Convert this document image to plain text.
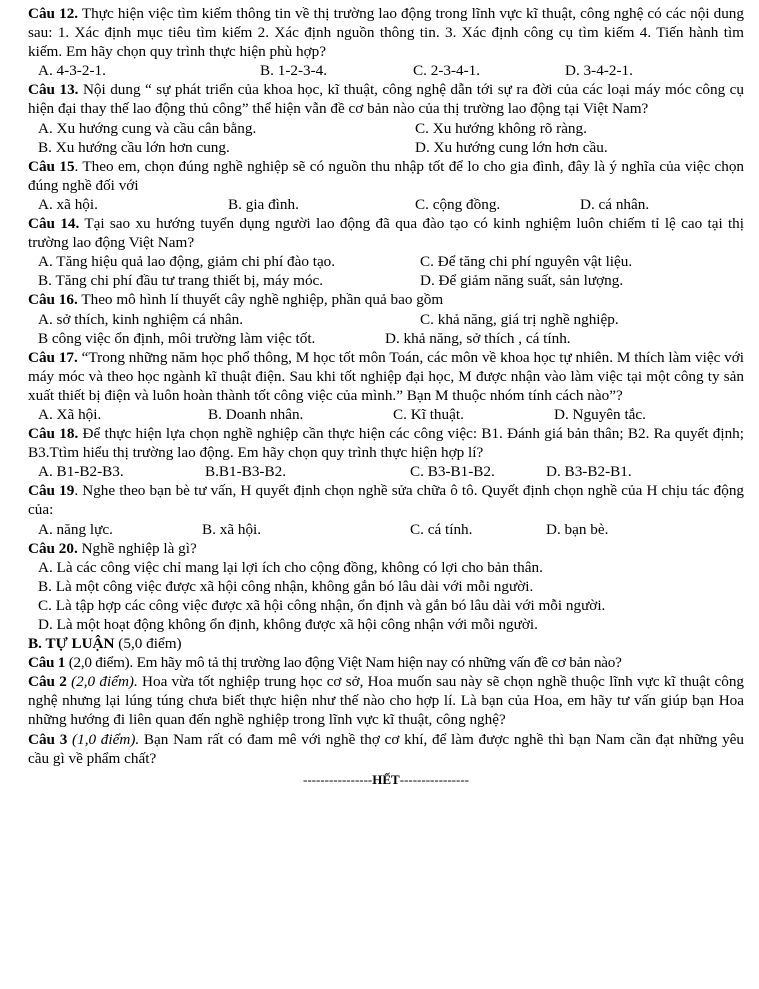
Câu 12. Thực hiện việc tìm kiếm thông tin về thị trường lao động trong lĩnh vực kĩ thuật, công nghệ có các nội dung sau: 1. Xác định mục tiêu tìm kiếm 2. Xác định nguồn thông tin. 3. Xác định công cụ tìm kiếm 4. Tiến hành tìm kiếm. Em hãy chọn quy trình thực hiện phù hợp?

A. 4-3-2-1.	B. 1-2-3-4.	C. 2-3-4-1.	D. 3-4-2-1.

Câu 13. Nội dung “ sự phát triển của khoa học, kĩ thuật, công nghệ dẫn tới sự ra đời của các loại máy móc công cụ hiện đại thay thế lao động thủ công” thể hiện vẫn đề cơ bản nào của thị trường lao động tại Việt Nam?

A. Xu hướng cung và cầu cân bằng.	C. Xu hướng không rõ ràng.
B. Xu hướng cầu lớn hơn cung.	D. Xu hướng cung lớn hơn cầu.

Câu 15. Theo em, chọn đúng nghề nghiệp sẽ có nguồn thu nhập tốt để lo cho gia đình, đây là ý nghĩa của việc chọn đúng nghề đối với

A. xã hội.	B. gia đình.	C. cộng đồng.	D. cá nhân.

Câu 14. Tại sao xu hướng tuyển dụng người lao động đã qua đào tạo có kinh nghiệm luôn chiếm tỉ lệ cao tại thị trường lao động Việt Nam?

A. Tăng hiệu quả lao động, giảm chi phí đào tạo.	C. Để tăng chi phí nguyên vật liệu.
B. Tăng chi phí đầu tư trang thiết bị, máy móc.	D. Để giảm năng suất, sản lượng.

Câu 16. Theo mô hình lí thuyết cây nghề nghiệp, phần quả bao gồm

A. sở thích, kinh nghiệm cá nhân.	C. khả năng, giá trị nghề nghiệp.
B công việc ổn định, môi trường làm việc tốt.	D. khả năng, sở thích , cá tính.

Câu 17. “Trong những năm học phổ thông, M học tốt môn Toán, các môn về khoa học tự nhiên. M thích làm việc với máy móc và theo học ngành kĩ thuật điện. Sau khi tốt nghiệp đại học, M được nhận vào làm việc tại một công ty sản xuất thiết bị điện và luôn hoàn thành tốt công việc của mình.” Bạn M thuộc nhóm tính cách nào”?

A. Xã hội.	B. Doanh nhân.	C. Kĩ thuật.	D. Nguyên tắc.

Câu 18. Để thực hiện lựa chọn nghề nghiệp cần thực hiện các công việc: B1. Đánh giá bản thân; B2. Ra quyết định; B3.Ttìm hiểu thị trường lao động. Em hãy chọn quy trình thực hiện hợp lí?

A. B1-B2-B3.	B.B1-B3-B2.	C. B3-B1-B2.	D. B3-B2-B1.

Câu 19. Nghe theo bạn bè tư vấn, H quyết định chọn nghề sửa chữa ô tô. Quyết định chọn nghề của H chịu tác động của:

A. năng lực.	B. xã hội.	C. cá tính.	D. bạn bè.

Câu 20. Nghề nghiệp là gì?

A. Là các công việc chỉ mang lại lợi ích cho cộng đồng, không có lợi cho bản thân.

B. Là một công việc được xã hội công nhận, không gắn bó lâu dài với mỗi người.

C. Là tập hợp các công việc được xã hội công nhận, ổn định và gắn bó lâu dài với mỗi người.

D. Là một hoạt động không ổn định, không được xã hội công nhận với mỗi người.

B. TỰ LUẬN (5,0 điểm)

Câu 1 (2,0 điểm). Em hãy mô tả thị trường lao động Việt Nam hiện nay có những vấn đề cơ bản nào?

Câu 2 (2,0 điểm). Hoa vừa tốt nghiệp trung học cơ sở, Hoa muốn sau này sẽ chọn nghề thuộc lĩnh vực kĩ thuật công nghệ nhưng lại lúng túng chưa biết thực hiện như thế nào cho hợp lí. Là bạn của Hoa, em hãy tư vấn giúp bạn Hoa những hướng đi liên quan đến nghề nghiệp trong lĩnh vực kĩ thuật, công nghệ?

Câu 3 (1,0 điểm). Bạn Nam rất có đam mê với nghề thợ cơ khí, để làm được nghề thì bạn Nam cần đạt những yêu cầu gì về phẩm chất?

----------------HẾT----------------
